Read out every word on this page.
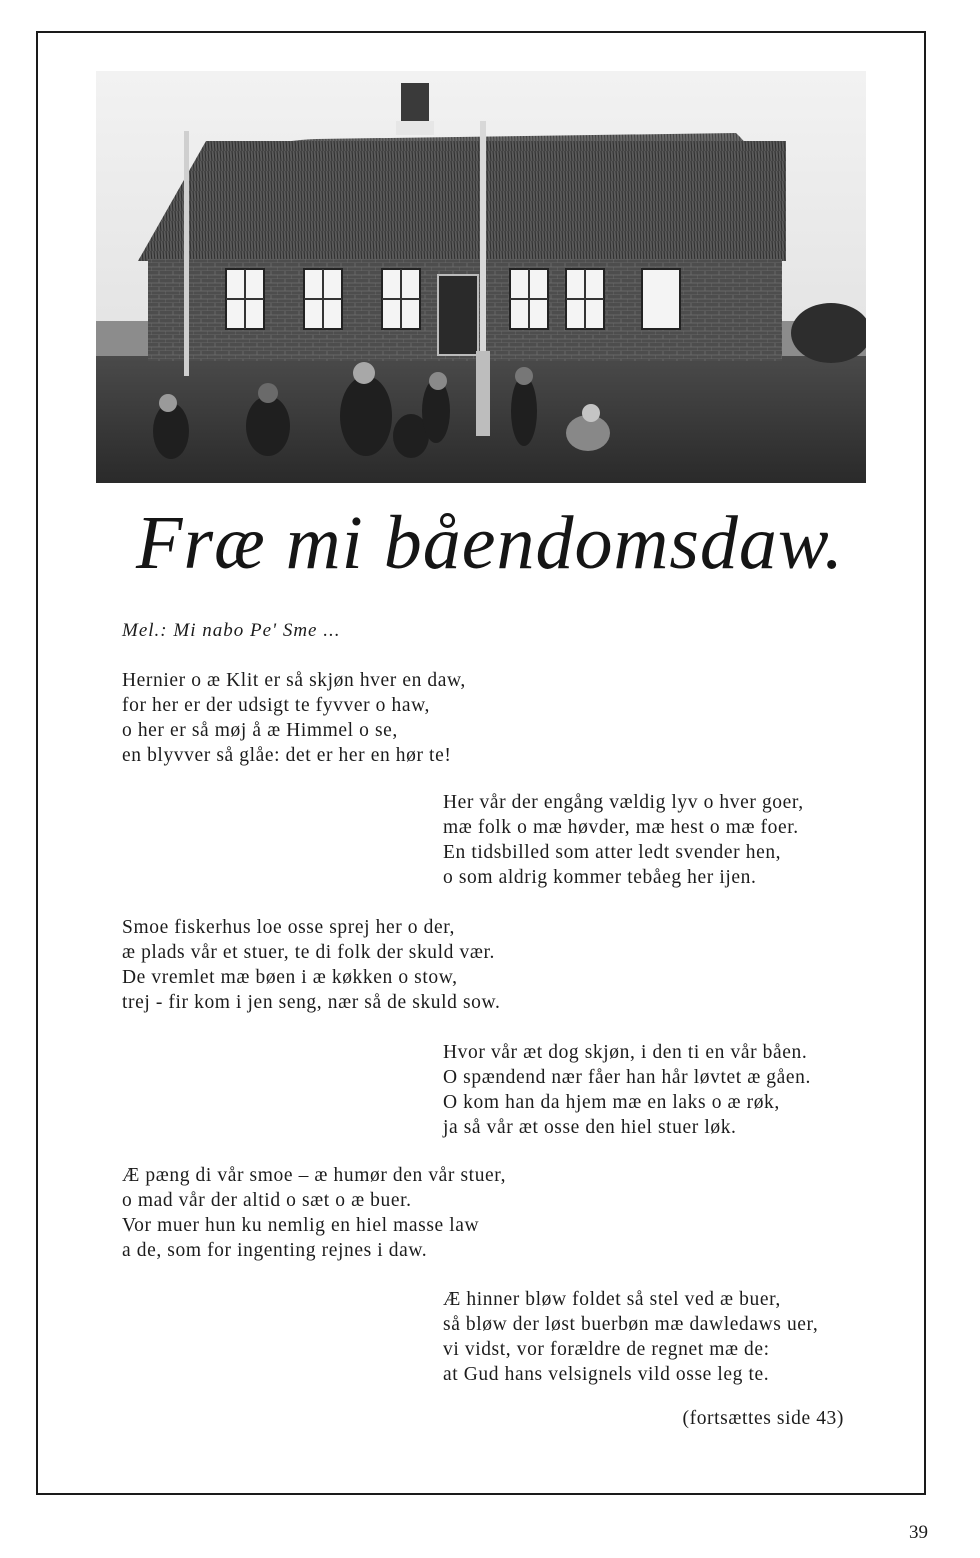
Fræ mi båendomsdaw.
Mel.: Mi nabo Pe' Sme ...
Hernier o æ Klit er så skjøn hver en daw,
for her er der udsigt te fyvver o haw,
o her er så møj å æ Himmel o se,
en blyvver så glåe: det er her en hør te!
Her vår der engång vældig lyv o hver goer,
mæ folk o mæ høvder, mæ hest o mæ foer.
En tidsbilled som atter ledt svender hen,
o som aldrig kommer tebåeg her ijen.
Smoe fiskerhus loe osse sprej her o der,
æ plads vår et stuer, te di folk der skuld vær.
De vremlet mæ bøen i æ køkken o stow,
trej - fir kom i jen seng, nær så de skuld sow.
Hvor vår æt dog skjøn, i den ti en vår båen.
O spændend nær fåer han hår løvtet æ gåen.
O kom han da hjem mæ en laks o æ røk,
ja så vår æt osse den hiel stuer løk.
Æ pæng di vår smoe – æ humør den vår stuer,
o mad vår der altid o sæt o æ buer.
Vor muer hun ku nemlig en hiel masse law
a de, som for ingenting rejnes i daw.
Æ hinner bløw foldet så stel ved æ buer,
så bløw der løst buerbøn mæ dawledaws uer,
vi vidst, vor forældre de regnet mæ de:
at Gud hans velsignels vild osse leg te.
(fortsættes side 43)
39
